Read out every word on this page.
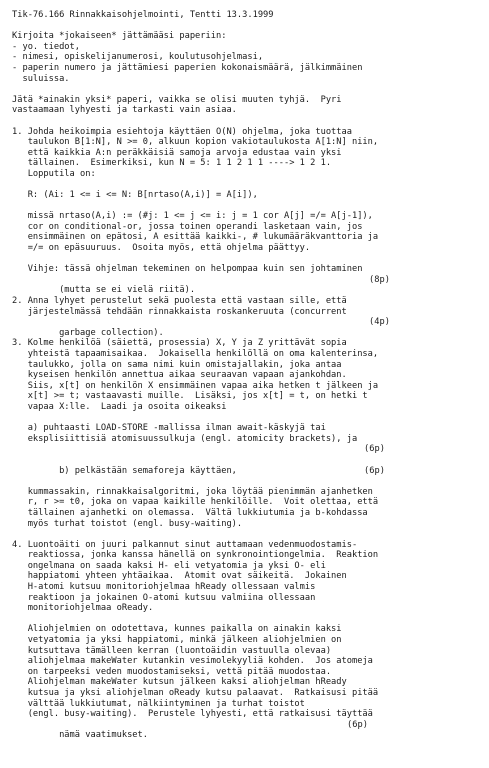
Tik-76.166 Rinnakkaisohjelmointi, Tentti 13.3.1999
Kirjoita *jokaiseen* jättämääsi paperiin:
- yo. tiedot,
- nimesi, opiskelijanumerosi, koulutusohjelmasi,
- paperin numero ja jättämiesi paperien kokonaismäärä, jälkimmäinen
suluissa.
Jätä *ainakin yksi* paperi, vaikka se olisi muuten tyhjä.  Pyri
vastaamaan lyhyesti ja tarkasti vain asiaa.
1. Johda heikoimpia esiehtoja käyttäen O(N) ohjelma, joka tuottaa
taulukon B[1:N], N >= 0, alkuun kopion vakiotaulukosta A[1:N] niin,
että kaikkia A:n peräkkäisiä samoja arvoja edustaa vain yksi
tällainen.  Esimerkiksi, kun N = 5: 1 1 2 1 1 ----> 1 2 1.
Lopputila on:
R: (Ai: 1 <= i <= N: B[nrtaso(A,i)] = A[i]),
missä nrtaso(A,i) := (#j: 1 <= j <= i: j = 1 cor A[j] =/= A[j-1]),
cor on conditional-or, jossa toinen operandi lasketaan vain, jos
ensimmäinen on epätosi, A esittää kaikki-, # lukumääräkvanttoria ja
=/= on epäsuuruus.  Osoita myös, että ohjelma päättyy.
Vihje: tässä ohjelman tekeminen on helpompaa kuin sen johtaminen

(mutta se ei vielä riitä).

(8p)

2. Anna lyhyet perustelut sekä puolesta että vastaan sille, että
järjestelmässä tehdään rinnakkaista roskankeruuta (concurrent

garbage collection).

(4p)

3. Kolme henkilöä (säiettä, prosessia) X, Y ja Z yrittävät sopia
yhteistä tapaamisaikaa.  Jokaisella henkilöllä on oma kalenterinsa,
taulukko, jolla on sama nimi kuin omistajallakin, joka antaa
kyseisen henkilön annettua aikaa seuraavan vapaan ajankohdan.
Siis, x[t] on henkilön X ensimmäinen vapaa aika hetken t jälkeen ja
x[t] >= t; vastaavasti muille.  Lisäksi, jos x[t] = t, on hetki t
vapaa X:lle.  Laadi ja osoita oikeaksi
a) puhtaasti LOAD-STORE -mallissa ilman await-käskyjä tai
eksplisiittisiä atomisuussulkuja (engl. atomicity brackets), ja

(6p)

b) pelkästään semaforeja käyttäen,

	(6p)

kummassakin, rinnakkaisalgoritmi, joka löytää pienimmän ajanhetken
r, r >= t0, joka on vapaa kaikille henkilöille.  Voit olettaa, että
tällainen ajanhetki on olemassa.  Vältä lukkiutumia ja b-kohdassa
myös turhat toistot (engl. busy-waiting).
4. Luontoäiti on juuri palkannut sinut auttamaan vedenmuodostamis-
reaktiossa, jonka kanssa hänellä on synkronointiongelmia.  Reaktion
ongelmana on saada kaksi H- eli vetyatomia ja yksi O- eli
happiatomi yhteen yhtäaikaa.  Atomit ovat säikeitä.  Jokainen
H-atomi kutsuu monitoriohjelmaa hReady ollessaan valmis
reaktioon ja jokainen O-atomi kutsuu valmiina ollessaan
monitoriohjelmaa oReady.
Aliohjelmien on odotettava, kunnes paikalla on ainakin kaksi
vetyatomia ja yksi happiatomi, minkä jälkeen aliohjelmien on
kutsuttava tämälleen kerran (luontoäidin vastuulla olevaa)
aliohjelmaa makeWater kutankin vesimolekyyliä kohden.  Jos atomeja
on tarpeeksi veden muodostamiseksi, vettä pitää muodostaa.
Aliohjelman makeWater kutsun jälkeen kaksi aliohjelman hReady
kutsua ja yksi aliohjelman oReady kutsu palaavat.  Ratkaisusi pitää
välttää lukkiutumat, nälkiintyminen ja turhat toistot
(engl. busy-waiting).  Perustele lyhyesti, että ratkaisusi täyttää

nämä vaatimukset.

(6p)
